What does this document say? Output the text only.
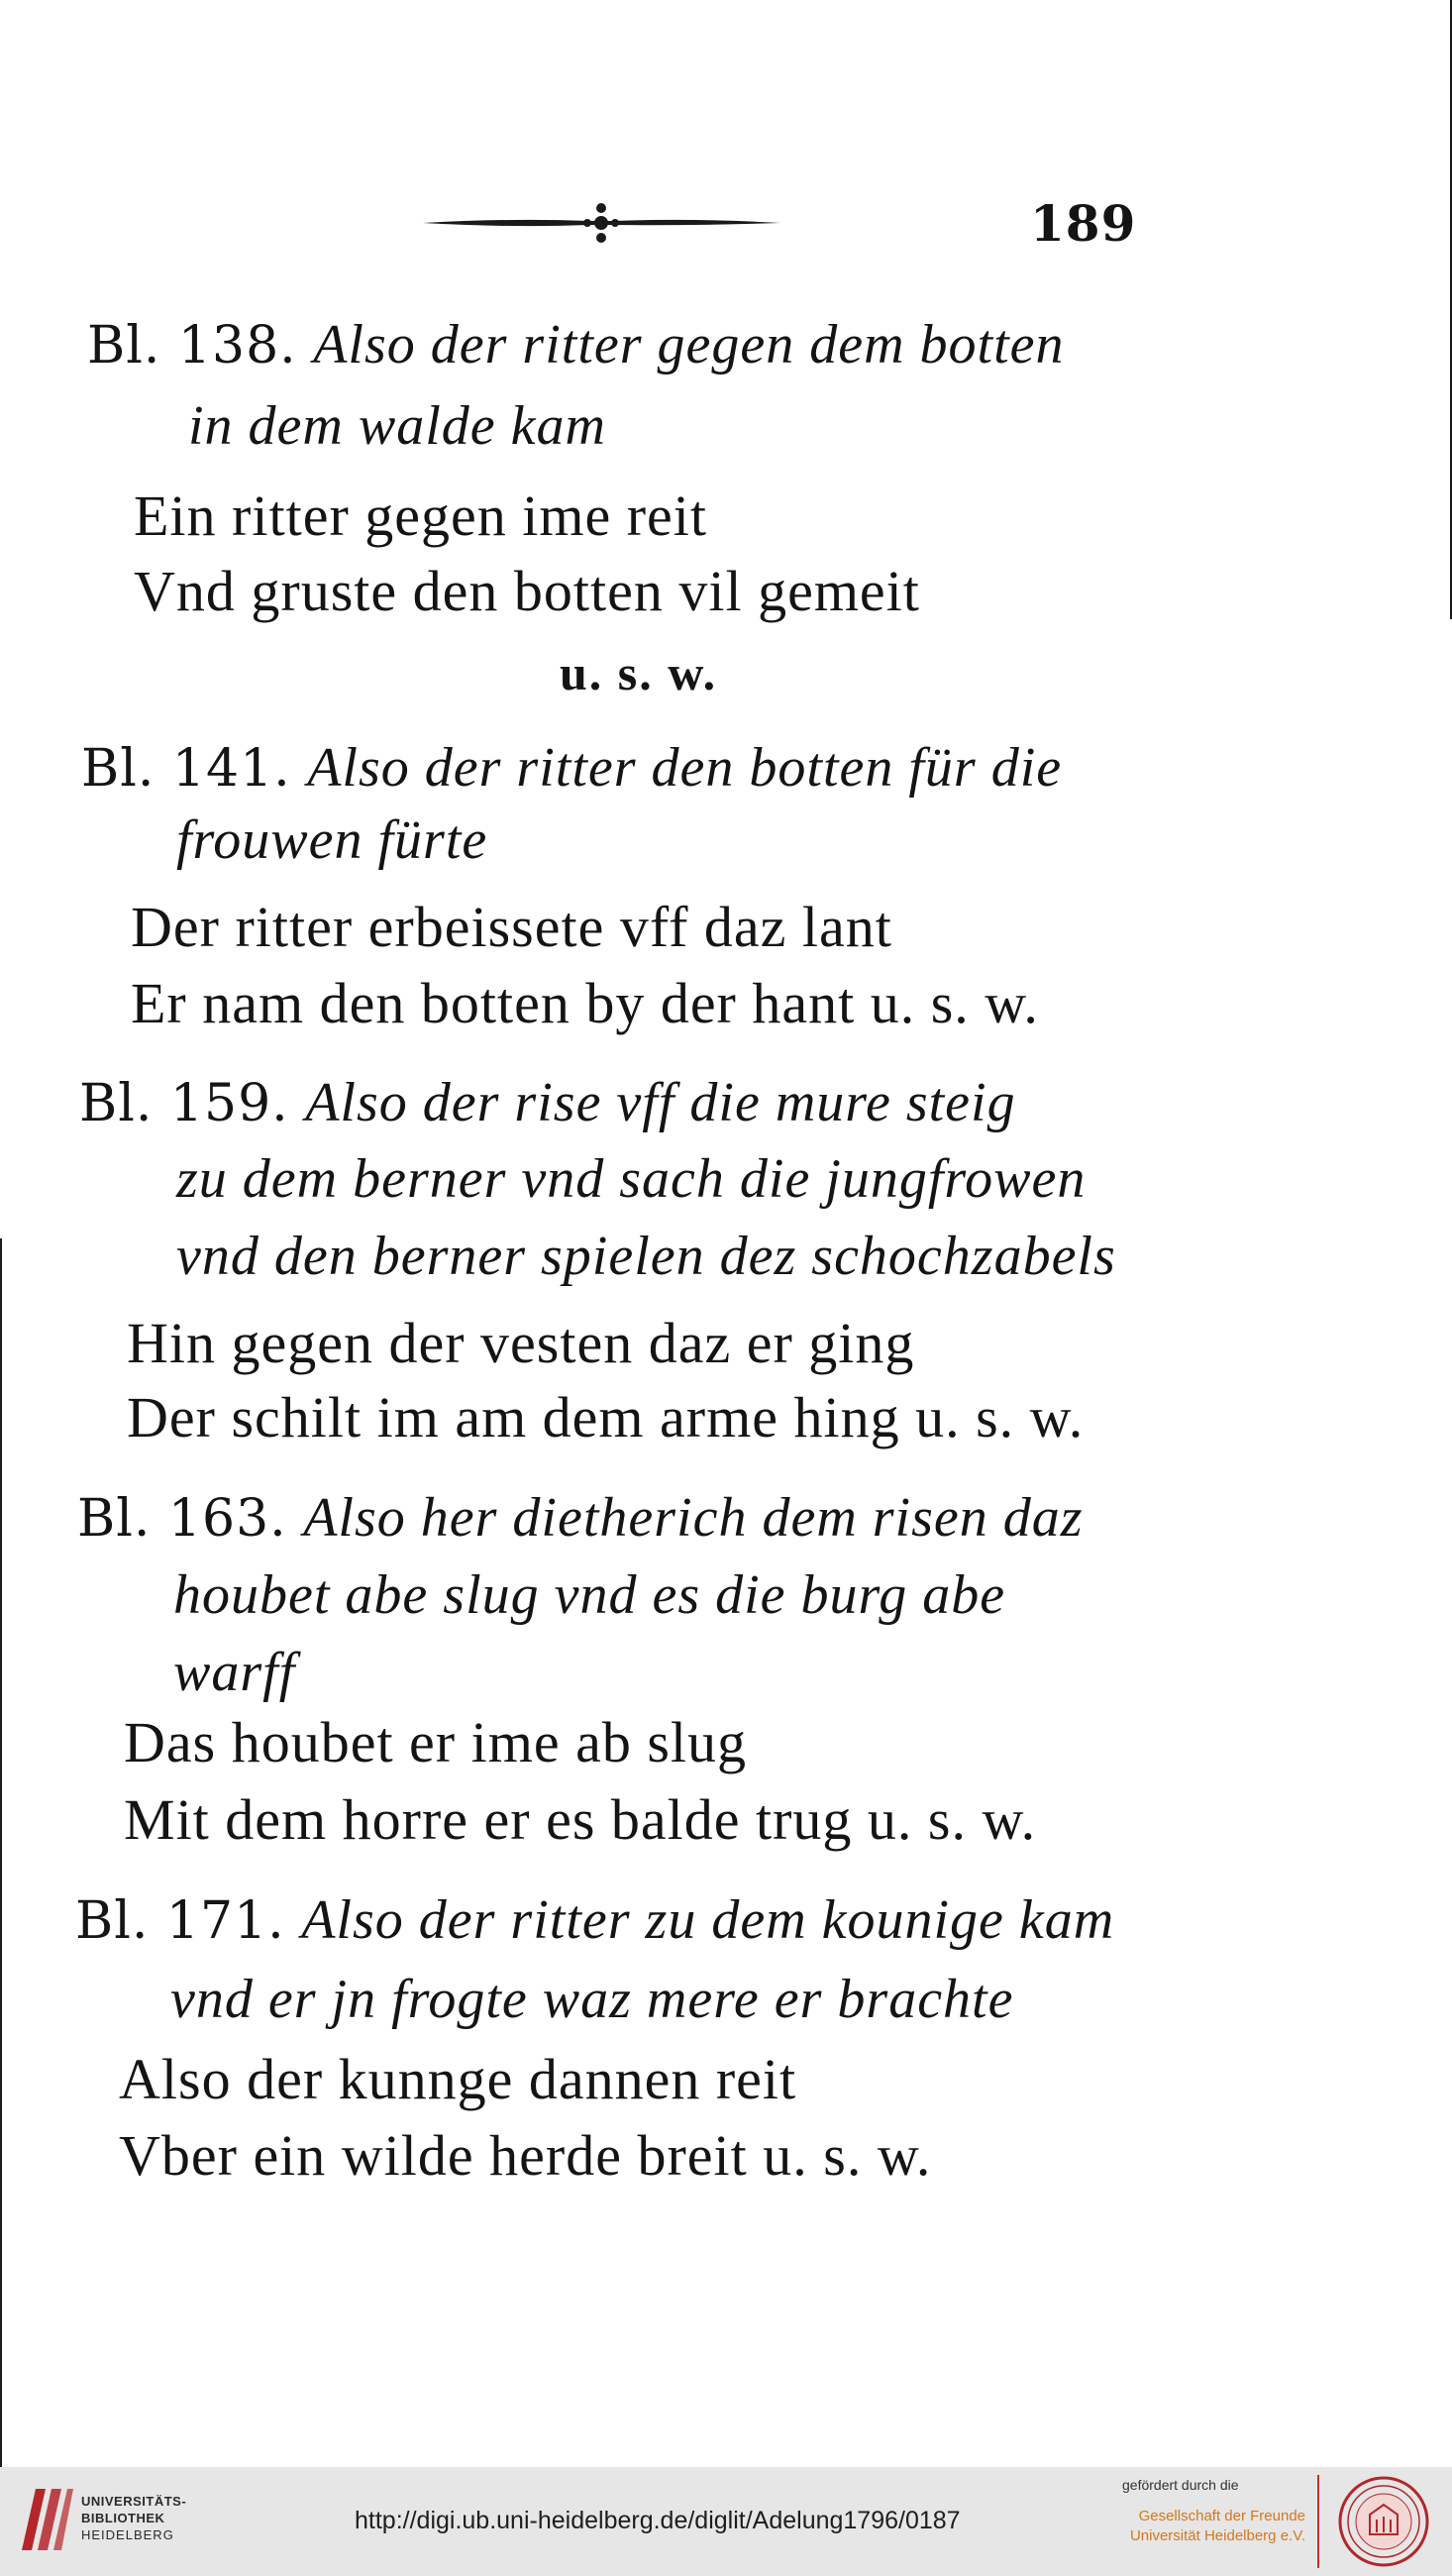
189
Bl. 138. Also der ritter gegen dem botten
in dem walde kam
Ein ritter gegen ime reit
Vnd gruste den botten vil gemeit
u. s. w.
Bl. 141. Also der ritter den botten für die
frouwen fürte
Der ritter erbeissete vff daz lant
Er nam den botten by der hant u. s. w.
Bl. 159. Also der rise vff die mure steig
zu dem berner vnd sach die jungfrowen
vnd den berner spielen dez schochzabels
Hin gegen der vesten daz er ging
Der schilt im am dem arme hing u. s. w.
Bl. 163. Also her dietherich dem risen daz
houbet abe slug vnd es die burg abe
warff
Das houbet er ime ab slug
Mit dem horre er es balde trug u. s. w.
Bl. 171. Also der ritter zu dem kounige kam
vnd er jn frogte waz mere er brachte
Also der kunnge dannen reit
Vber ein wilde herde breit u. s. w.
UNIVERSITÄTS-
BIBLIOTHEK
HEIDELBERG
http://digi.ub.uni-heidelberg.de/diglit/Adelung1796/0187
gefördert durch die
Gesellschaft der Freunde
Universität Heidelberg e.V.
